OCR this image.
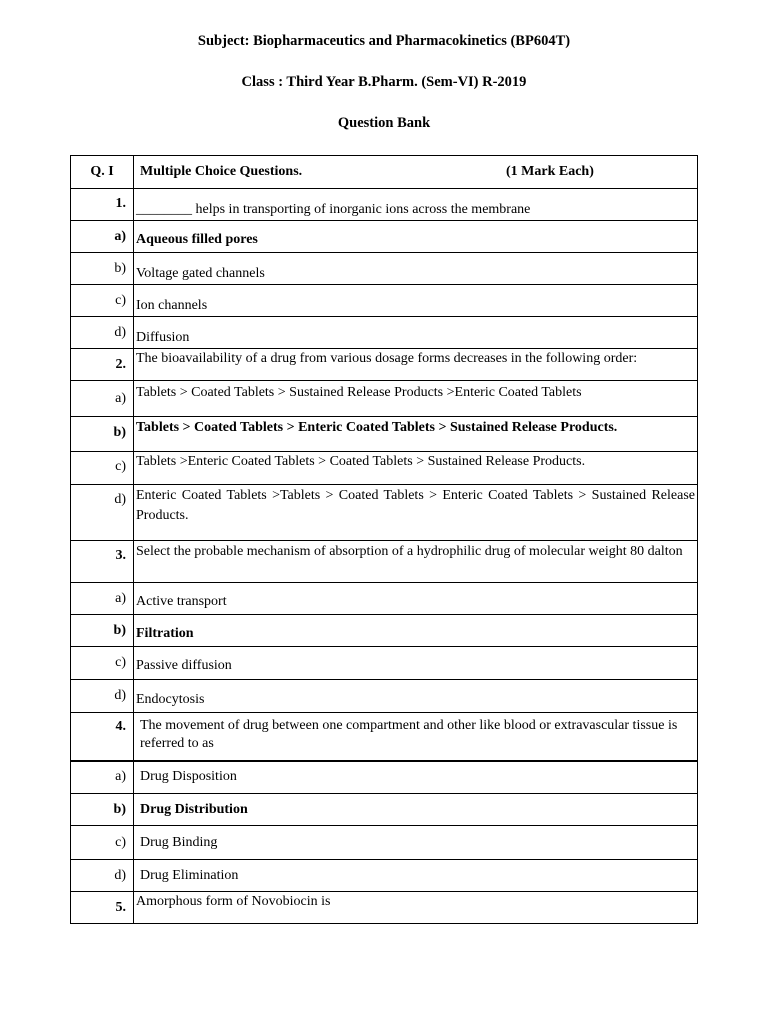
Subject: Biopharmaceutics and Pharmacokinetics (BP604T)
Class : Third Year B.Pharm. (Sem-VI) R-2019
Question Bank
Q. I	Multiple Choice Questions. (1 Mark Each)

1.	________ helps in transporting of inorganic ions across the membrane
a)	Aqueous filled pores
b)	Voltage gated channels
c)	Ion channels
d)	Diffusion
2.	The bioavailability of a drug from various dosage forms decreases in the following order:
a)	Tablets > Coated Tablets > Sustained Release Products >Enteric Coated Tablets
b)	Tablets > Coated Tablets > Enteric Coated Tablets > Sustained Release Products.
c)	Tablets >Enteric Coated Tablets > Coated Tablets > Sustained Release Products.
d)	Enteric Coated Tablets >Tablets > Coated Tablets > Enteric Coated Tablets > Sustained Release Products.
3.	Select the probable mechanism of absorption of a hydrophilic drug of molecular weight 80 dalton
a)	Active transport
b)	Filtration
c)	Passive diffusion
d)	Endocytosis
4.	The movement of drug between one compartment and other like blood or extravascular tissue is referred to as
a)	Drug Disposition
b)	Drug Distribution
c)	Drug Binding
d)	Drug Elimination
5.	Amorphous form of Novobiocin is
